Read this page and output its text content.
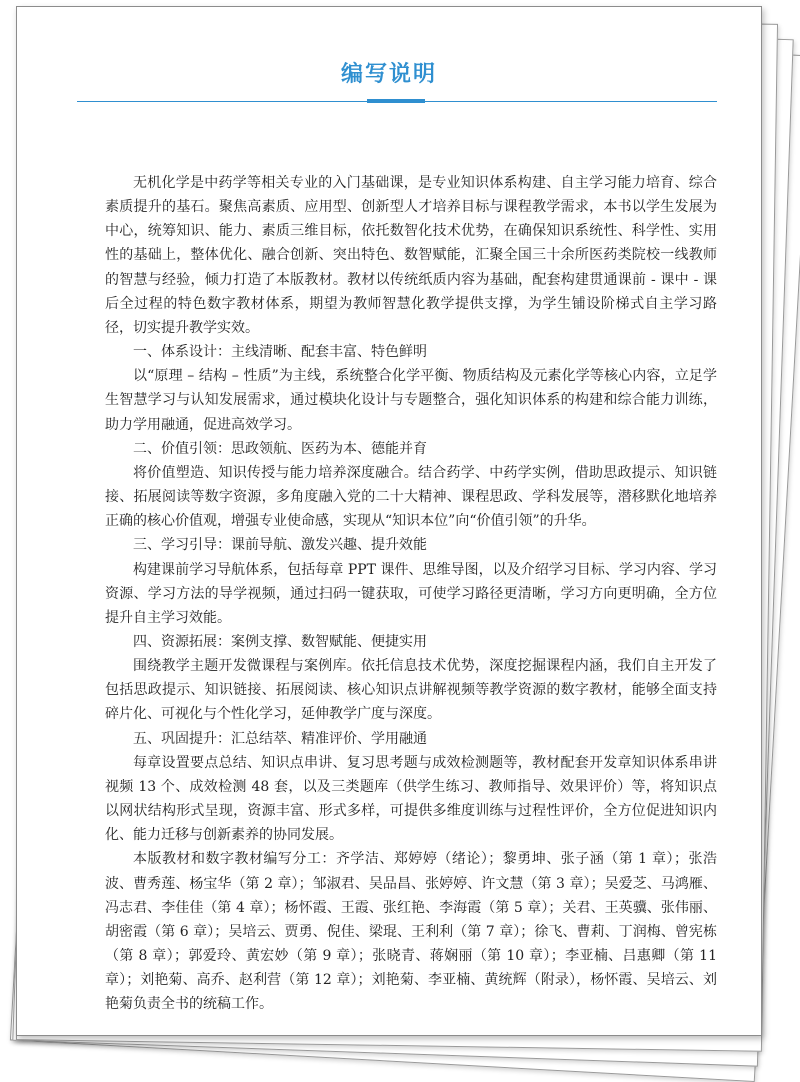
编写说明

无机化学是中药学等相关专业的入门基础课，是专业知识体系构建、自主学习能力培育、综合素质提升的基石。聚焦高素质、应用型、创新型人才培养目标与课程教学需求，本书以学生发展为中心，统筹知识、能力、素质三维目标，依托数智化技术优势，在确保知识系统性、科学性、实用性的基础上，整体优化、融合创新、突出特色、数智赋能，汇聚全国三十余所医药类院校一线教师的智慧与经验，倾力打造了本版教材。教材以传统纸质内容为基础，配套构建贯通课前 - 课中 - 课后全过程的特色数字教材体系，期望为教师智慧化教学提供支撑，为学生铺设阶梯式自主学习路径，切实提升教学实效。

一、体系设计：主线清晰、配套丰富、特色鲜明

以“原理 – 结构 – 性质”为主线，系统整合化学平衡、物质结构及元素化学等核心内容，立足学生智慧学习与认知发展需求，通过模块化设计与专题整合，强化知识体系的构建和综合能力训练，助力学用融通，促进高效学习。

二、价值引领：思政领航、医药为本、德能并育

将价值塑造、知识传授与能力培养深度融合。结合药学、中药学实例，借助思政提示、知识链接、拓展阅读等数字资源，多角度融入党的二十大精神、课程思政、学科发展等，潜移默化地培养正确的核心价值观，增强专业使命感，实现从“知识本位”向“价值引领”的升华。

三、学习引导：课前导航、激发兴趣、提升效能

构建课前学习导航体系，包括每章 PPT 课件、思维导图，以及介绍学习目标、学习内容、学习资源、学习方法的导学视频，通过扫码一键获取，可使学习路径更清晰，学习方向更明确，全方位提升自主学习效能。

四、资源拓展：案例支撑、数智赋能、便捷实用

围绕教学主题开发微课程与案例库。依托信息技术优势，深度挖掘课程内涵，我们自主开发了包括思政提示、知识链接、拓展阅读、核心知识点讲解视频等教学资源的数字教材，能够全面支持碎片化、可视化与个性化学习，延伸教学广度与深度。

五、巩固提升：汇总结萃、精准评价、学用融通

每章设置要点总结、知识点串讲、复习思考题与成效检测题等，教材配套开发章知识体系串讲视频 13 个、成效检测 48 套，以及三类题库（供学生练习、教师指导、效果评价）等，将知识点以网状结构形式呈现，资源丰富、形式多样，可提供多维度训练与过程性评价，全方位促进知识内化、能力迁移与创新素养的协同发展。

本版教材和数字教材编写分工：齐学洁、郑婷婷（绪论）；黎勇坤、张子涵（第 1 章）；张浩波、曹秀莲、杨宝华（第 2 章）；邹淑君、吴品昌、张婷婷、许文慧（第 3 章）；吴爱芝、马鸿雁、冯志君、李佳佳（第 4 章）；杨怀霞、王霞、张红艳、李海霞（第 5 章）；关君、王英骥、张伟丽、胡密霞（第 6 章）；吴培云、贾勇、倪佳、梁琨、王利利（第 7 章）；徐飞、曹莉、丁润梅、曾宪栋（第 8 章）；郭爱玲、黄宏妙（第 9 章）；张晓青、蒋娴丽（第 10 章）；李亚楠、吕惠卿（第 11 章）；刘艳菊、高乔、赵利营（第 12 章）；刘艳菊、李亚楠、黄统辉（附录），杨怀霞、吴培云、刘艳菊负责全书的统稿工作。
